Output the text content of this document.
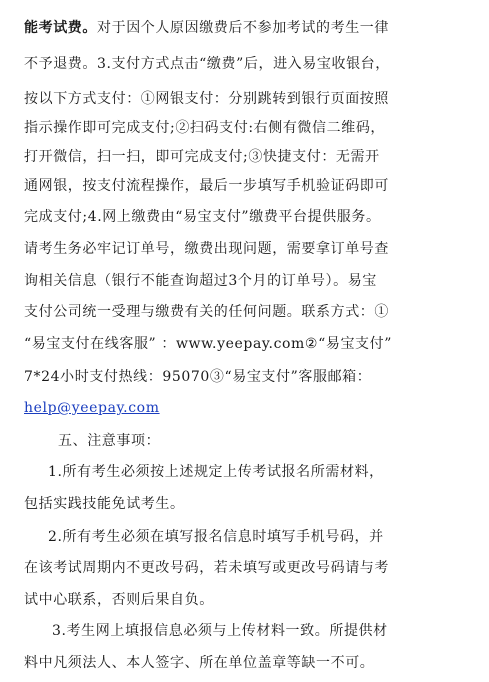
能考试费。对于因个人原因缴费后不参加考试的考生一律
不予退费。3.支付方式点击“缴费”后，进入易宝收银台，
按以下方式支付：①网银支付：分别跳转到银行页面按照
指示操作即可完成支付;②扫码支付:右侧有微信二维码，
打开微信，扫一扫，即可完成支付;③快捷支付：无需开
通网银，按支付流程操作，最后一步填写手机验证码即可
完成支付;4.网上缴费由“易宝支付”缴费平台提供服务。
请考生务必牢记订单号，缴费出现问题，需要拿订单号查
询相关信息（银行不能查询超过3个月的订单号）。易宝
支付公司统一受理与缴费有关的任何问题。联系方式：①
“易宝支付在线客服” ：www.yeepay.com②“易宝支付”
7*24小时支付热线：95070③“易宝支付”客服邮箱：
help@yeepay.com
五、注意事项：
1.所有考生必须按上述规定上传考试报名所需材料，
包括实践技能免试考生。
2.所有考生必须在填写报名信息时填写手机号码，并
在该考试周期内不更改号码，若未填写或更改号码请与考
试中心联系，否则后果自负。
3.考生网上填报信息必须与上传材料一致。所提供材
料中凡须法人、本人签字、所在单位盖章等缺一不可。
